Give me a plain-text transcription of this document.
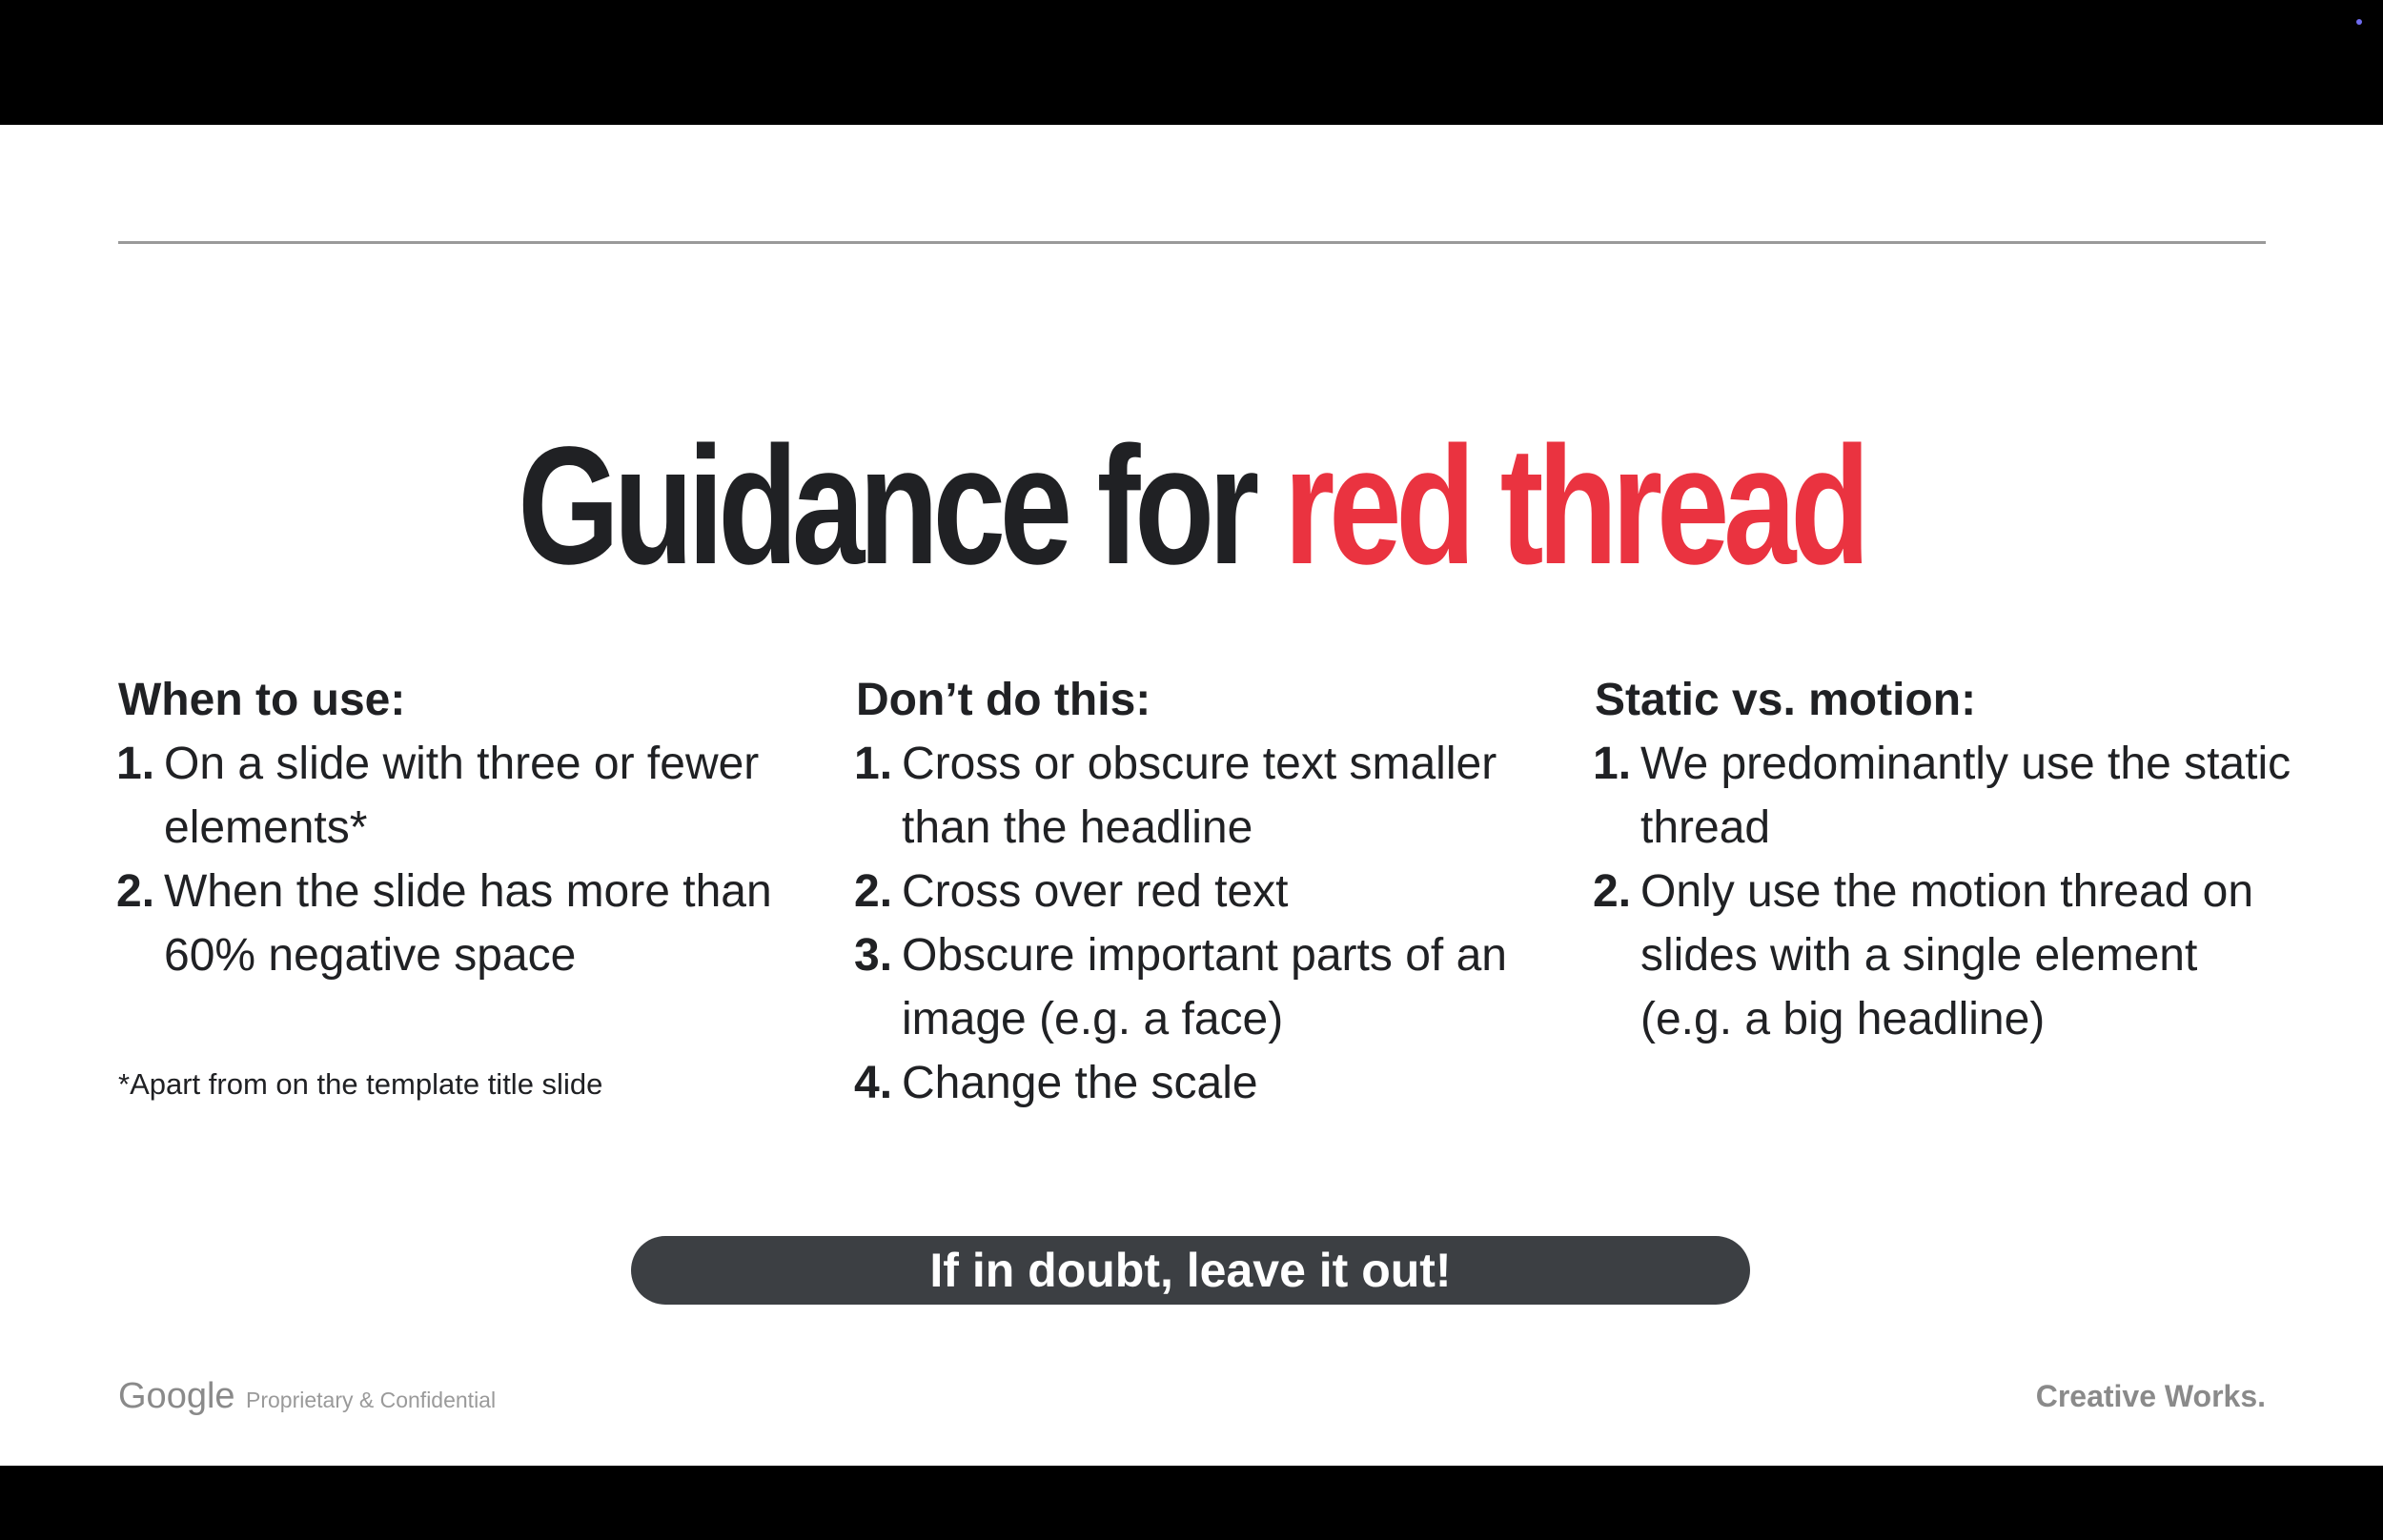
Guidance for red thread
When to use:
1. On a slide with three or fewer elements*
2. When the slide has more than 60% negative space
*Apart from on the template title slide
Don’t do this:
1. Cross or obscure text smaller than the headline
2. Cross over red text
3. Obscure important parts of an image (e.g. a face)
4. Change the scale
Static vs. motion:
1. We predominantly use the static thread
2. Only use the motion thread on slides with a single element (e.g. a big headline)
If in doubt, leave it out!
Google Proprietary & Confidential	Creative Works.
